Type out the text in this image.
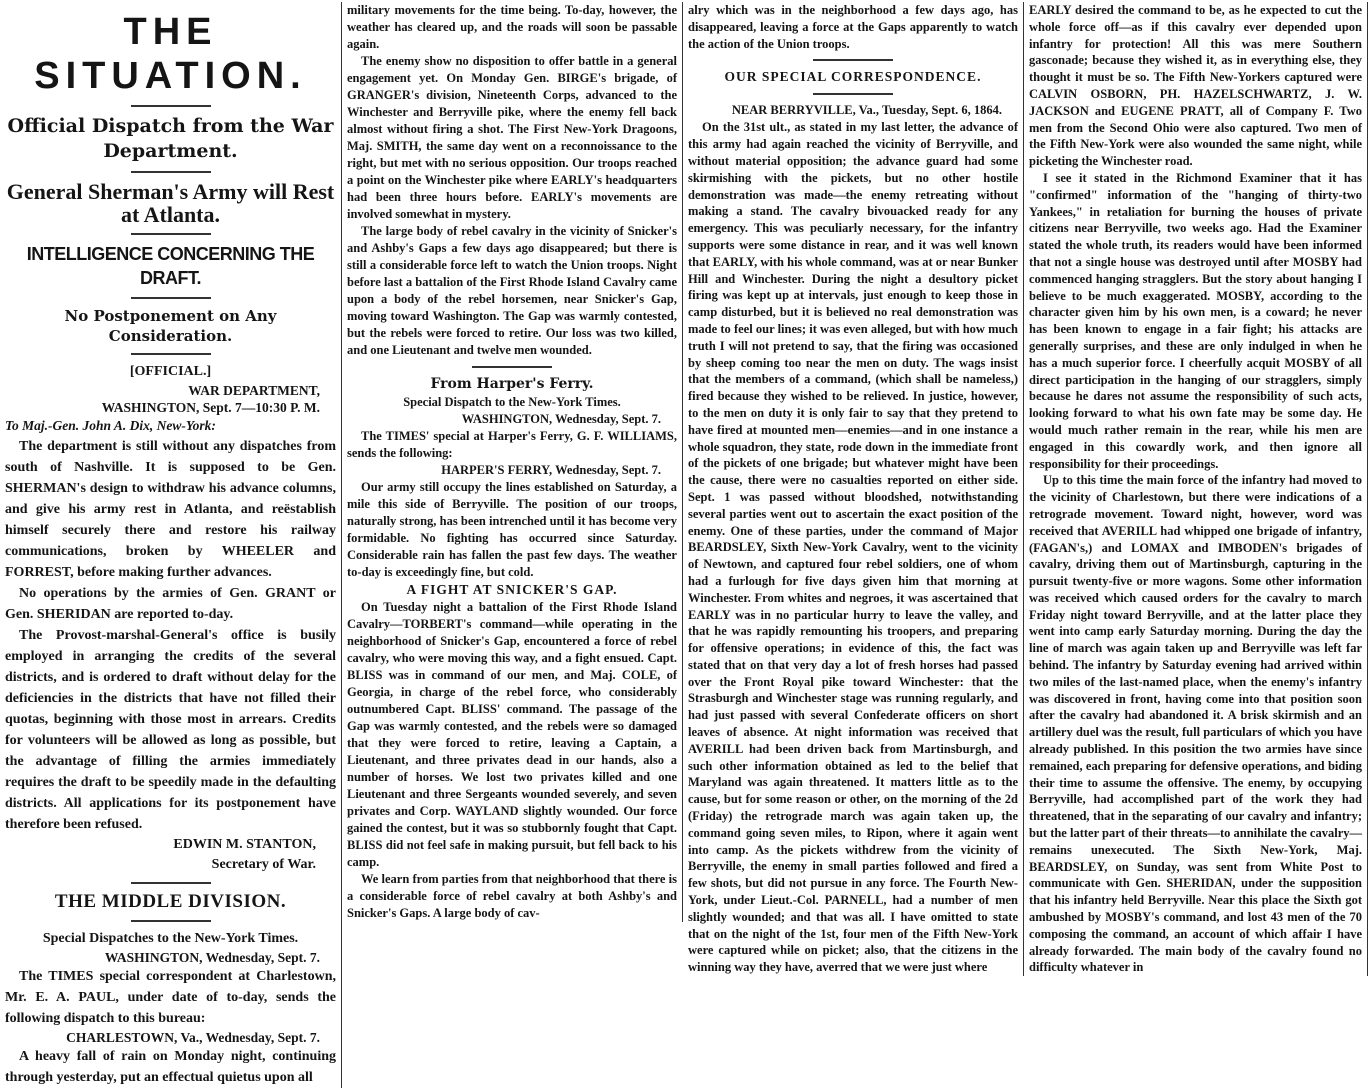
THE SITUATION.
Official Dispatch from the War Department.
General Sherman's Army will Rest at Atlanta.
INTELLIGENCE CONCERNING THE DRAFT.
No Postponement on Any Consideration.
[OFFICIAL.]
WAR DEPARTMENT,
WASHINGTON, Sept. 7—10:30 P. M.
To Maj.-Gen. John A. Dix, New-York:

The department is still without any dispatches from south of Nashville. It is supposed to be Gen. SHERMAN's design to withdraw his advance columns, and give his army rest in Atlanta, and reëstablish himself securely there and restore his railway communications, broken by WHEELER and FORREST, before making further advances.

No operations by the armies of Gen. GRANT or Gen. SHERIDAN are reported to-day.

The Provost-marshal-General's office is busily employed in arranging the credits of the several districts, and is ordered to draft without delay for the deficiencies in the districts that have not filled their quotas, beginning with those most in arrears. Credits for volunteers will be allowed as long as possible, but the advantage of filling the armies immediately requires the draft to be speedily made in the defaulting districts. All applications for its postponement have therefore been refused.

EDWIN M. STANTON,
Secretary of War.
THE MIDDLE DIVISION.
Special Dispatches to the New-York Times.
WASHINGTON, Wednesday, Sept. 7.

The TIMES special correspondent at Charlestown, Mr. E. A. PAUL, under date of to-day, sends the following dispatch to this bureau:

CHARLESTOWN, Va., Wednesday, Sept. 7.

A heavy fall of rain on Monday night, continuing through yesterday, put an effectual quietus upon all

military movements for the time being. To-day, however, the weather has cleared up, and the roads will soon be passable again.

The enemy show no disposition to offer battle in a general engagement yet. On Monday Gen. BIRGE's brigade, of GRANGER's division, Nineteenth Corps, advanced to the Winchester and Berryville pike, where the enemy fell back almost without firing a shot. The First New-York Dragoons, Maj. SMITH, the same day went on a reconnoissance to the right, but met with no serious opposition. Our troops reached a point on the Winchester pike where EARLY's headquarters had been three hours before. EARLY's movements are involved somewhat in mystery.

The large body of rebel cavalry in the vicinity of Snicker's and Ashby's Gaps a few days ago disappeared; but there is still a considerable force left to watch the Union troops. Night before last a battalion of the First Rhode Island Cavalry came upon a body of the rebel horsemen, near Snicker's Gap, moving toward Washington. The Gap was warmly contested, but the rebels were forced to retire. Our loss was two killed, and one Lieutenant and twelve men wounded.

From Harper's Ferry.
Special Dispatch to the New-York Times.
WASHINGTON, Wednesday, Sept. 7.

The TIMES' special at Harper's Ferry, G. F. WILLIAMS, sends the following:

HARPER'S FERRY, Wednesday, Sept. 7.

Our army still occupy the lines established on Saturday, a mile this side of Berryville. The position of our troops, naturally strong, has been intrenched until it has become very formidable. No fighting has occurred since Saturday. Considerable rain has fallen the past few days. The weather to-day is exceedingly fine, but cold.

A FIGHT AT SNICKER'S GAP.

On Tuesday night a battalion of the First Rhode Island Cavalry—TORBERT's command—while operating in the neighborhood of Snicker's Gap, encountered a force of rebel cavalry, who were moving this way, and a fight ensued. Capt. BLISS was in command of our men, and Maj. COLE, of Georgia, in charge of the rebel force, who considerably outnumbered Capt. BLISS' command. The passage of the Gap was warmly contested, and the rebels were so damaged that they were forced to retire, leaving a Captain, a Lieutenant, and three privates dead in our hands, also a number of horses. We lost two privates killed and one Lieutenant and three Sergeants wounded severely, and seven privates and Corp. WAYLAND slightly wounded. Our force gained the contest, but it was so stubbornly fought that Capt. BLISS did not feel safe in making pursuit, but fell back to his camp.

We learn from parties from that neighborhood that there is a considerable force of rebel cavalry at both Ashby's and Snicker's Gaps. A large body of cav-

alry which was in the neighborhood a few days ago, has disappeared, leaving a force at the Gaps apparently to watch the action of the Union troops.

OUR SPECIAL CORRESPONDENCE.
NEAR BERRYVILLE, Va., Tuesday, Sept. 6, 1864.

On the 31st ult., as stated in my last letter, the advance of this army had again reached the vicinity of Berryville, and without material opposition; the advance guard had some skirmishing with the pickets, but no other hostile demonstration was made—the enemy retreating without making a stand. The cavalry bivouacked ready for any emergency. This was peculiarly necessary, for the infantry supports were some distance in rear, and it was well known that EARLY, with his whole command, was at or near Bunker Hill and Winchester. During the night a desultory picket firing was kept up at intervals, just enough to keep those in camp disturbed, but it is believed no real demonstration was made to feel our lines; it was even alleged, but with how much truth I will not pretend to say, that the firing was occasioned by sheep coming too near the men on duty. The wags insist that the members of a command, (which shall be nameless,) fired because they wished to be relieved. In justice, however, to the men on duty it is only fair to say that they pretend to have fired at mounted men—enemies—and in one instance a whole squadron, they state, rode down in the immediate front of the pickets of one brigade; but whatever might have been the cause, there were no casualties reported on either side. Sept. 1 was passed without bloodshed, notwithstanding several parties went out to ascertain the exact position of the enemy. One of these parties, under the command of Major BEARDSLEY, Sixth New-York Cavalry, went to the vicinity of Newtown, and captured four rebel soldiers, one of whom had a furlough for five days given him that morning at Winchester. From whites and negroes, it was ascertained that EARLY was in no particular hurry to leave the valley, and that he was rapidly remounting his troopers, and preparing for offensive operations; in evidence of this, the fact was stated that on that very day a lot of fresh horses had passed over the Front Royal pike toward Winchester: that the Strasburgh and Winchester stage was running regularly, and had just passed with several Confederate officers on short leaves of absence. At night information was received that AVERILL had been driven back from Martinsburgh, and such other information obtained as led to the belief that Maryland was again threatened. It matters little as to the cause, but for some reason or other, on the morning of the 2d (Friday) the retrograde march was again taken up, the command going seven miles, to Ripon, where it again went into camp. As the pickets withdrew from the vicinity of Berryville, the enemy in small parties followed and fired a few shots, but did not pursue in any force. The Fourth New-York, under Lieut.-Col. PARNELL, had a number of men slightly wounded; and that was all. I have omitted to state that on the night of the 1st, four men of the Fifth New-York were captured while on picket; also, that the citizens in the winning way they have, averred that we were just where

EARLY desired the command to be, as he expected to cut the whole force off—as if this cavalry ever depended upon infantry for protection! All this was mere Southern gasconade; because they wished it, as in everything else, they thought it must be so. The Fifth New-Yorkers captured were CALVIN OSBORN, PH. HAZELSCHWARTZ, J. W. JACKSON and EUGENE PRATT, all of Company F. Two men from the Second Ohio were also captured. Two men of the Fifth New-York were also wounded the same night, while picketing the Winchester road.

I see it stated in the Richmond Examiner that it has "confirmed" information of the "hanging of thirty-two Yankees," in retaliation for burning the houses of private citizens near Berryville, two weeks ago. Had the Examiner stated the whole truth, its readers would have been informed that not a single house was destroyed until after MOSBY had commenced hanging stragglers. But the story about hanging I believe to be much exaggerated. MOSBY, according to the character given him by his own men, is a coward; he never has been known to engage in a fair fight; his attacks are generally surprises, and these are only indulged in when he has a much superior force. I cheerfully acquit MOSBY of all direct participation in the hanging of our stragglers, simply because he dares not assume the responsibility of such acts, looking forward to what his own fate may be some day. He would much rather remain in the rear, while his men are engaged in this cowardly work, and then ignore all responsibility for their proceedings.

Up to this time the main force of the infantry had moved to the vicinity of Charlestown, but there were indications of a retrograde movement. Toward night, however, word was received that AVERILL had whipped one brigade of infantry, (FAGAN's,) and LOMAX and IMBODEN's brigades of cavalry, driving them out of Martinsburgh, capturing in the pursuit twenty-five or more wagons. Some other information was received which caused orders for the cavalry to march Friday night toward Berryville, and at the latter place they went into camp early Saturday morning. During the day the line of march was again taken up and Berryville was left far behind. The infantry by Saturday evening had arrived within two miles of the last-named place, when the enemy's infantry was discovered in front, having come into that position soon after the cavalry had abandoned it. A brisk skirmish and an artillery duel was the result, full particulars of which you have already published. In this position the two armies have since remained, each preparing for defensive operations, and biding their time to assume the offensive. The enemy, by occupying Berryville, had accomplished part of the work they had threatened, that in the separating of our cavalry and infantry; but the latter part of their threats—to annihilate the cavalry—remains unexecuted. The Sixth New-York, Maj. BEARDSLEY, on Sunday, was sent from White Post to communicate with Gen. SHERIDAN, under the supposition that his infantry held Berryville. Near this place the Sixth got ambushed by MOSBY's command, and lost 43 men of the 70 composing the command, an account of which affair I have already forwarded. The main body of the cavalry found no difficulty whatever in
